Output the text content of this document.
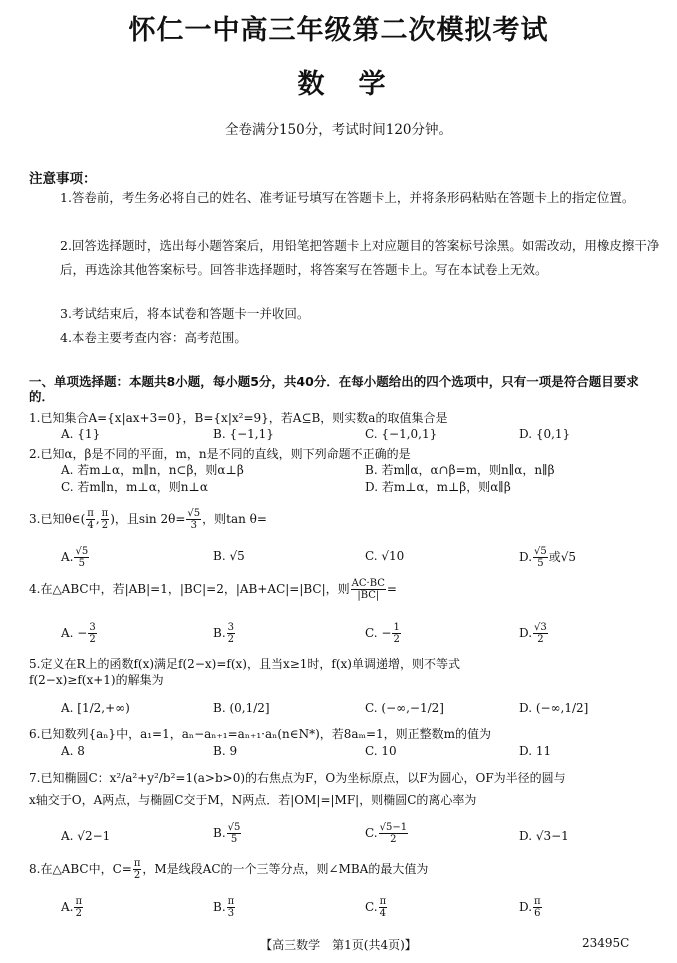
怀仁一中高三年级第二次模拟考试
数学
全卷满分150分，考试时间120分钟。
注意事项：
1.答卷前，考生务必将自己的姓名、准考证号填写在答题卡上，并将条形码粘贴在答题卡上的指定位置。
2.回答选择题时，选出每小题答案后，用铅笔把答题卡上对应题目的答案标号涂黑。如需改动，用橡皮擦干净后，再选涂其他答案标号。回答非选择题时，将答案写在答题卡上。写在本试卷上无效。
3.考试结束后，将本试卷和答题卡一并收回。
4.本卷主要考查内容：高考范围。
一、单项选择题：本题共8小题，每小题5分，共40分．在每小题给出的四个选项中，只有一项是符合题目要求的．
1.已知集合A={x|ax+3=0}，B={x|x²=9}，若A⊆B，则实数a的取值集合是
A. {1}	B. {−1,1}	C. {−1,0,1}	D. {0,1}
2.已知α，β是不同的平面，m，n是不同的直线，则下列命题不正确的是
A. 若m⊥α，m∥n，n⊂β，则α⊥β	B. 若m∥α，α∩β=m，则n∥α，n∥β
C. 若m∥n，m⊥α，则n⊥α	D. 若m⊥α，m⊥β，则α∥β
3.已知θ∈( $\frac{\pi}{4}$ , $\frac{\pi}{2}$ )，且$\sin 2\theta= \frac{√5}{3}$ ，则tan θ=
A. $\frac{√5}{5}$	B. √5	C. √10	D. $\frac{√5}{5}$ 或√5
4.在△ABC中，若|AB|=1，|BC|=2，|AB+AC|=|BC|，则 $\frac{AC\cdot BC}{|BC|}$ =
A. − $\frac{3}{2}$	B. $\frac{3}{2}$	C. − $\frac{1}{2}$	D. $\frac{√3}{2}$
5.定义在R上的函数f(x)满足f(2−x)=f(x)，且当x≥1时，f(x)单调递增，则不等式
f(2−x)≥f(x+1)的解集为
A. [1/2,+∞)	B. (0,1/2]	C. (−∞,−1/2]	D. (−∞,1/2]
6.已知数列{aₙ}中，a₁=1，aₙ−aₙ₊₁=aₙ₊₁·aₙ(n∈N*)，若8aₘ=1，则正整数m的值为
A. 8	B. 9	C. 10	D. 11
7.已知椭圆C：x²/a²+y²/b²=1(a>b>0)的右焦点为F，O为坐标原点，以F为圆心，OF为半径的圆与
x轴交于O，A两点，与椭圆C交于M，N两点．若|OM|=|MF|，则椭圆C的离心率为
A. √2−1	B. $\frac{√5}{5}$	C. $\frac{√5-1}{2}$	D. √3−1
8.在△ABC中，$C= \frac{\pi}{2}$ ，M是线段AC的一个三等分点，则∠MBA的最大值为
A. $\frac{\pi}{2}$	B. $\frac{\pi}{3}$	C. $\frac{\pi}{4}$	D. $\frac{\pi}{6}$
【高三数学　第1页(共4页)】	23495C
